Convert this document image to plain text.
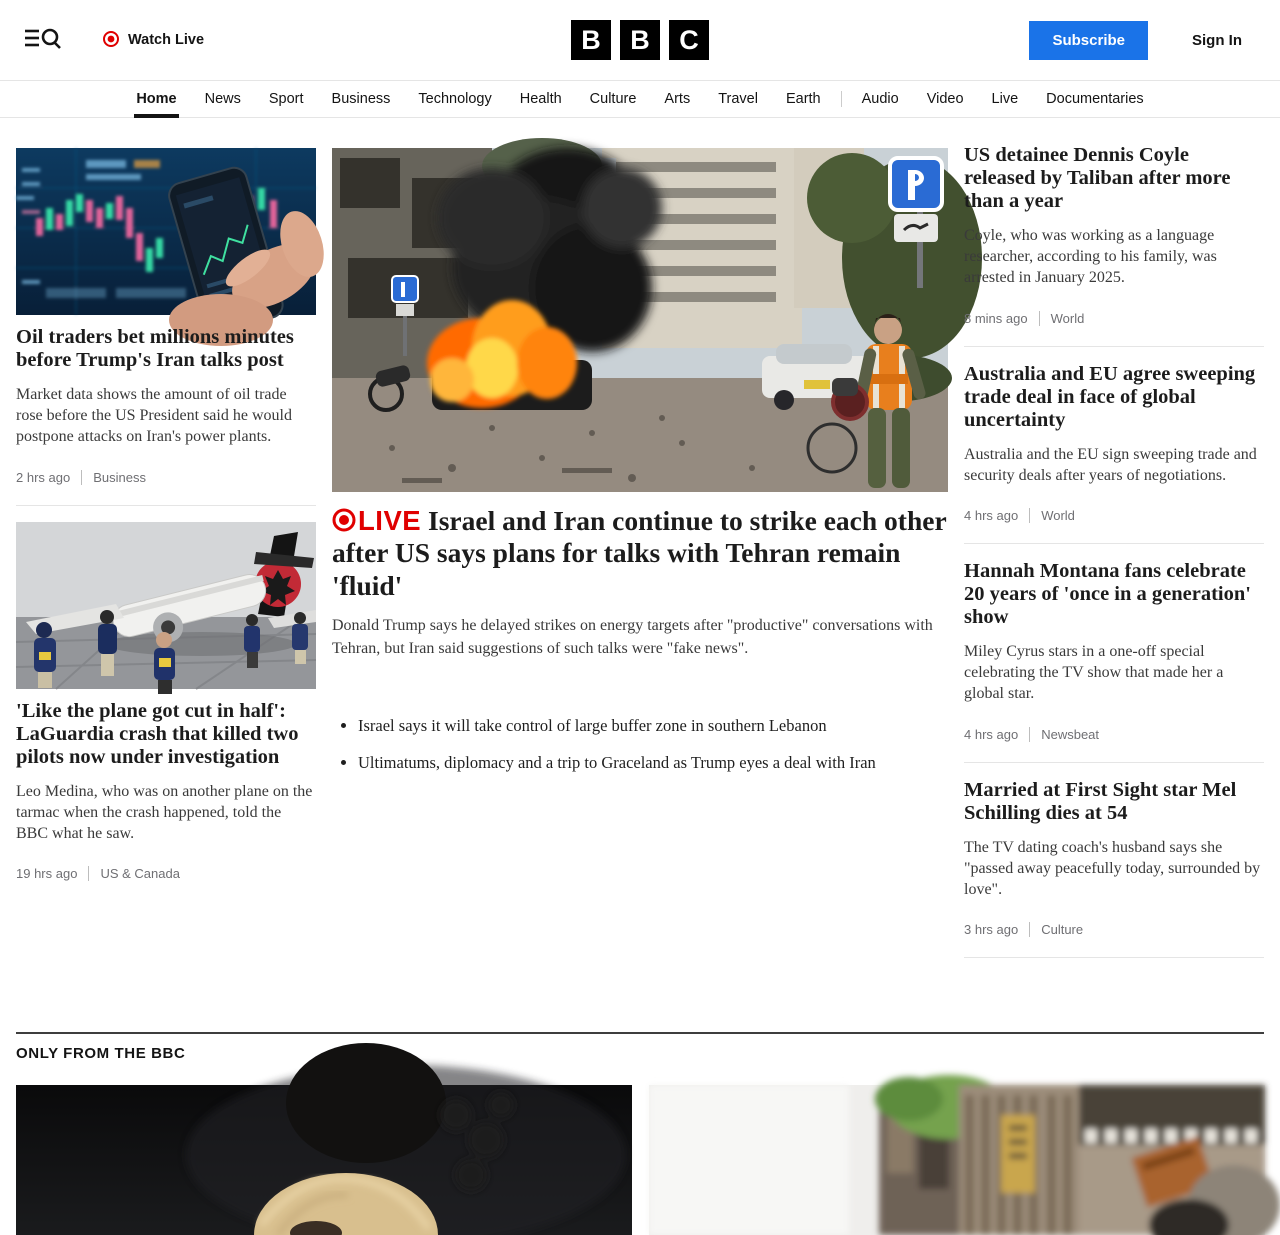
Watch Live	B	B	C	Subscribe	Sign In
Home	News	Sport	Business	Technology	Health	Culture	Arts	Travel	Earth	Audio	Video	Live	Documentaries
Oil traders bet millions minutes before Trump's Iran talks post

Market data shows the amount of oil trade rose before the US President said he would postpone attacks on Iran's power plants.

2 hrs ago Business
'Like the plane got cut in half': LaGuardia crash that killed two pilots now under investigation

Leo Medina, who was on another plane on the tarmac when the crash happened, told the BBC what he saw.

19 hrs ago US & Canada
LIVE Israel and Iran continue to strike each other after US says plans for talks with Tehran remain 'fluid'

Donald Trump says he delayed strikes on energy targets after "productive" conversations with Tehran, but Iran said suggestions of such talks were "fake news".

• Israel says it will take control of large buffer zone in southern Lebanon
• Ultimatums, diplomacy and a trip to Graceland as Trump eyes a deal with Iran
US detainee Dennis Coyle released by Taliban after more than a year

Coyle, who was working as a language researcher, according to his family, was arrested in January 2025.

8 mins ago World
Australia and EU agree sweeping trade deal in face of global uncertainty

Australia and the EU sign sweeping trade and security deals after years of negotiations.

4 hrs ago World
Hannah Montana fans celebrate 20 years of 'once in a generation' show

Miley Cyrus stars in a one-off special celebrating the TV show that made her a global star.

4 hrs ago Newsbeat
Married at First Sight star Mel Schilling dies at 54

The TV dating coach's husband says she "passed away peacefully today, surrounded by love".

3 hrs ago Culture
ONLY FROM THE BBC
